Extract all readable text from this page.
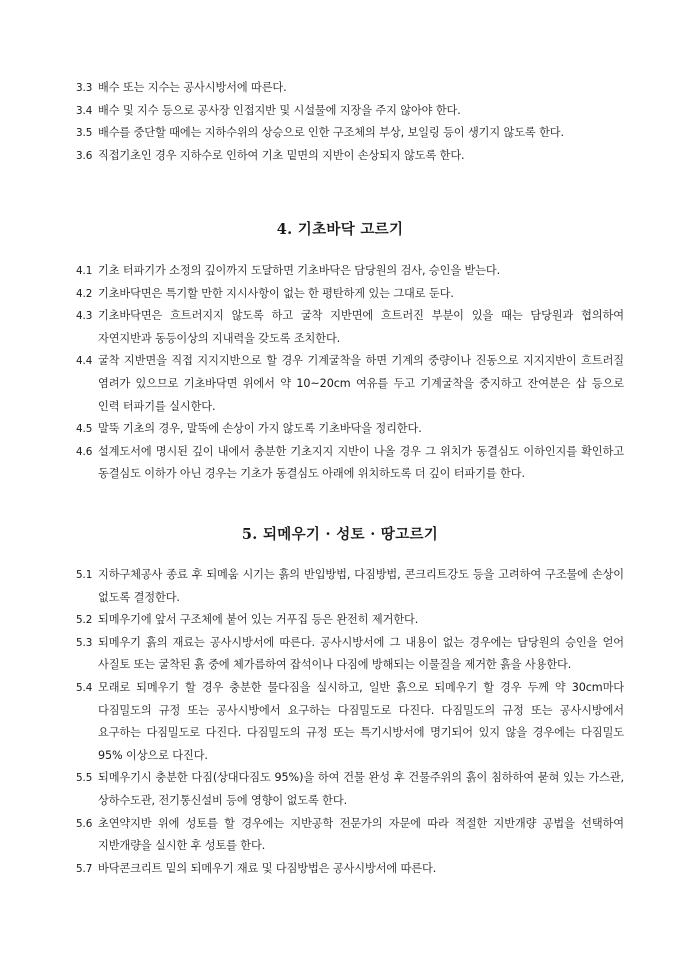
3.3 배수 또는 지수는 공사시방서에 따른다.
3.4 배수 및 지수 등으로 공사장 인접지반 및 시설물에 지장을 주지 않아야 한다.
3.5 배수를 중단할 때에는 지하수위의 상승으로 인한 구조체의 부상, 보일링 등이 생기지 않도록 한다.
3.6 직접기초인 경우 지하수로 인하여 기초 밑면의 지반이 손상되지 않도록 한다.
4. 기초바닥 고르기
4.1 기초 터파기가 소정의 깊이까지 도달하면 기초바닥은 담당원의 검사, 승인을 받는다.
4.2 기초바닥면은 특기할 만한 지시사항이 없는 한 평탄하게 있는 그대로 둔다.
4.3 기초바닥면은 흐트러지지 않도록 하고 굴착 지반면에 흐트러진 부분이 있을 때는 담당원과 협의하여 자연지반과 동등이상의 지내력을 갖도록 조치한다.
4.4 굴착 지반면을 직접 지지지반으로 할 경우 기계굴착을 하면 기계의 중량이나 진동으로 지지지반이 흐트러질 염려가 있으므로 기초바닥면 위에서 약 10~20cm 여유를 두고 기계굴착을 중지하고 잔여분은 삽 등으로 인력 터파기를 실시한다.
4.5 말뚝 기초의 경우, 말뚝에 손상이 가지 않도록 기초바닥을 정리한다.
4.6 설계도서에 명시된 깊이 내에서 충분한 기초지지 지반이 나올 경우 그 위치가 동결심도 이하인지를 확인하고 동결심도 이하가 아닌 경우는 기초가 동결심도 아래에 위치하도록 더 깊이 터파기를 한다.
5. 되메우기 · 성토 · 땅고르기
5.1 지하구체공사 종료 후 되메움 시기는 흙의 반입방법, 다짐방법, 콘크리트강도 등을 고려하여 구조물에 손상이 없도록 결정한다.
5.2 되메우기에 앞서 구조체에 붙어 있는 거푸집 등은 완전히 제거한다.
5.3 되메우기 흙의 재료는 공사시방서에 따른다. 공사시방서에 그 내용이 없는 경우에는 담당원의 승인을 얻어 사질토 또는 굴착된 흙 중에 체가름하여 잡석이나 다짐에 방해되는 이물질을 제거한 흙을 사용한다.
5.4 모래로 되메우기 할 경우 충분한 물다짐을 실시하고, 일반 흙으로 되메우기 할 경우 두께 약 30cm마다 다짐밀도의 규정 또는 공사시방에서 요구하는 다짐밀도로 다진다. 다짐밀도의 규정 또는 공사시방에서 요구하는 다짐밀도로 다진다. 다짐밀도의 규정 또는 특기시방서에 명기되어 있지 않을 경우에는 다짐밀도 95% 이상으로 다진다.
5.5 되메우기시 충분한 다짐(상대다짐도 95%)을 하여 건물 완성 후 건물주위의 흙이 침하하여 묻혀 있는 가스관, 상하수도관, 전기통신설비 등에 영향이 없도록 한다.
5.6 초연약지반 위에 성토를 할 경우에는 지반공학 전문가의 자문에 따라 적절한 지반개량 공법을 선택하여 지반개량을 실시한 후 성토를 한다.
5.7 바닥콘크리트 밑의 되메우기 재료 및 다짐방법은 공사시방서에 따른다.
